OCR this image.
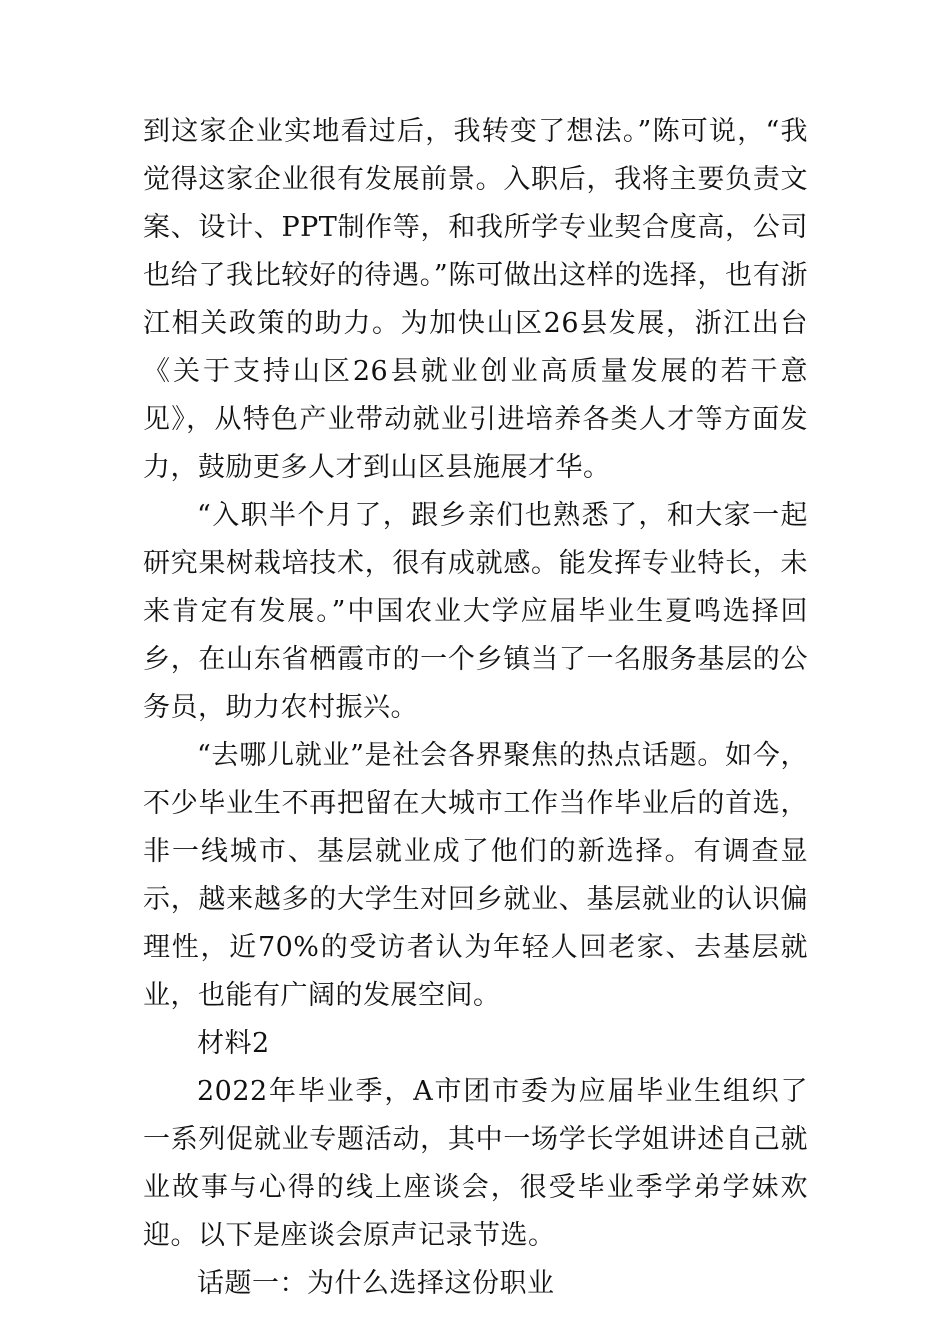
到这家企业实地看过后，我转变了想法。”陈可说，“我觉得这家企业很有发展前景。入职后，我将主要负责文案、设计、PPT制作等，和我所学专业契合度高，公司也给了我比较好的待遇。”陈可做出这样的选择，也有浙江相关政策的助力。为加快山区26县发展，浙江出台《关于支持山区26县就业创业高质量发展的若干意见》，从特色产业带动就业引进培养各类人才等方面发力，鼓励更多人才到山区县施展才华。

“入职半个月了，跟乡亲们也熟悉了，和大家一起研究果树栽培技术，很有成就感。能发挥专业特长，未来肯定有发展。”中国农业大学应届毕业生夏鸣选择回乡，在山东省栖霞市的一个乡镇当了一名服务基层的公务员，助力农村振兴。

“去哪儿就业”是社会各界聚焦的热点话题。如今，不少毕业生不再把留在大城市工作当作毕业后的首选，非一线城市、基层就业成了他们的新选择。有调查显示，越来越多的大学生对回乡就业、基层就业的认识偏理性，近70%的受访者认为年轻人回老家、去基层就业，也能有广阔的发展空间。

材料2

2022年毕业季，A市团市委为应届毕业生组织了一系列促就业专题活动，其中一场学长学姐讲述自己就业故事与心得的线上座谈会，很受毕业季学弟学妹欢迎。以下是座谈会原声记录节选。

话题一：为什么选择这份职业
